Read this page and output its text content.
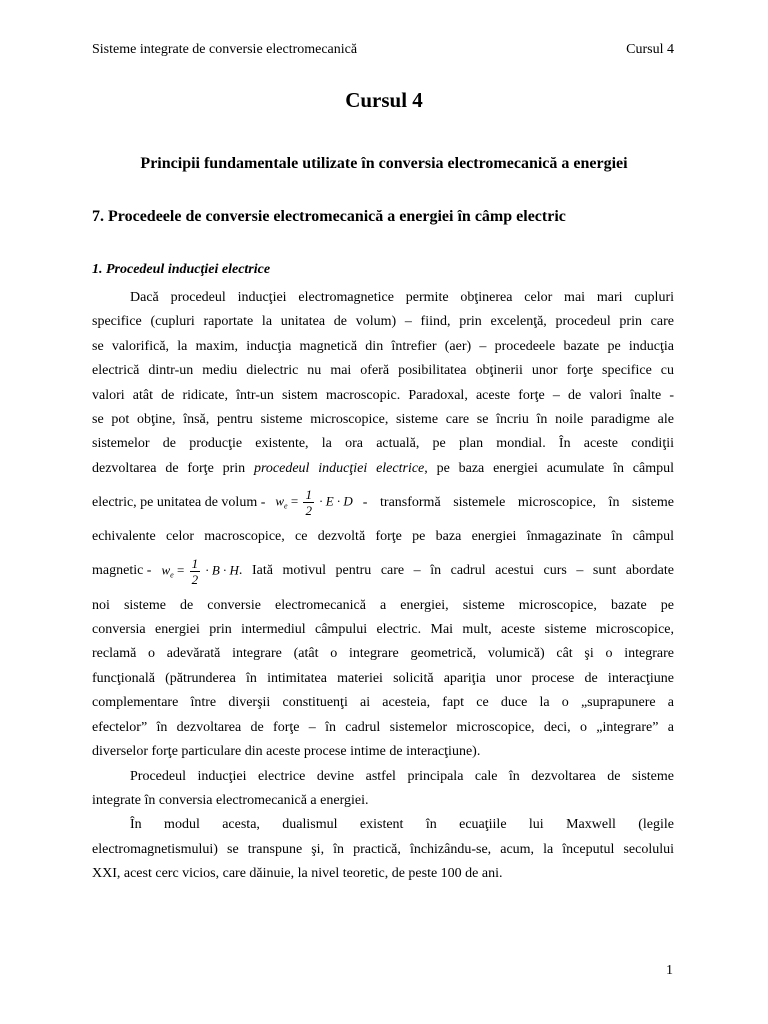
Sisteme integrate de conversie electromecanică	Cursul 4
Cursul 4
Principii fundamentale utilizate în conversia electromecanică a energiei
7. Procedeele de conversie electromecanică a energiei în câmp electric
1. Procedeul inducţiei electrice
Dacă procedeul inducţiei electromagnetice permite obţinerea celor mai mari cupluri
specifice (cupluri raportate la unitatea de volum) – fiind, prin excelenţă, procedeul prin care
se valorifică, la maxim, inducţia magnetică din întrefier (aer) – procedeele bazate pe inducţia
electrică dintr-un mediu dielectric nu mai oferă posibilitatea obţinerii unor forţe specifice cu
valori atât de ridicate, într-un sistem macroscopic. Paradoxal, aceste forţe – de valori înalte -
se pot obţine, însă, pentru sisteme microscopice, sisteme care se încriu în noile paradigme ale
sistemelor de producţie existente, la ora actuală, pe plan mondial. În aceste condiţii
dezvoltarea de forţe prin procedeul inducţiei electrice, pe baza energiei acumulate în câmpul
electric, pe unitatea de volum - $w_e = \frac{1}{2} \cdot E \cdot D$ - transformă sistemele microscopice, în sisteme
echivalente celor macroscopice, ce dezvoltă forţe pe baza energiei înmagazinate în câmpul
magnetic - $w_e = \frac{1}{2} \cdot B \cdot H$ . Iată motivul pentru care – în cadrul acestui curs – sunt abordate
noi sisteme de conversie electromecanică a energiei, sisteme microscopice, bazate pe
conversia energiei prin intermediul câmpului electric. Mai mult, aceste sisteme microscopice,
reclamă o adevărată integrare (atât o integrare geometrică, volumică) cât şi o integrare
funcţională (pătrunderea în intimitatea materiei solicită apariţia unor procese de interacţiune
complementare între diverşii constituenţi ai acesteia, fapt ce duce la o „suprapunere a
efectelor” în dezvoltarea de forţe – în cadrul sistemelor microscopice, deci, o „integrare” a
diverselor forţe particulare din aceste procese intime de interacţiune).
Procedeul inducţiei electrice devine astfel principala cale în dezvoltarea de sisteme
integrate în conversia electromecanică a energiei.
În modul acesta, dualismul existent în ecuaţiile lui Maxwell (legile
electromagnetismului) se transpune şi, în practică, închizându-se, acum, la începutul secolului
XXI, acest cerc vicios, care dăinuie, la nivel teoretic, de peste 100 de ani.
1
